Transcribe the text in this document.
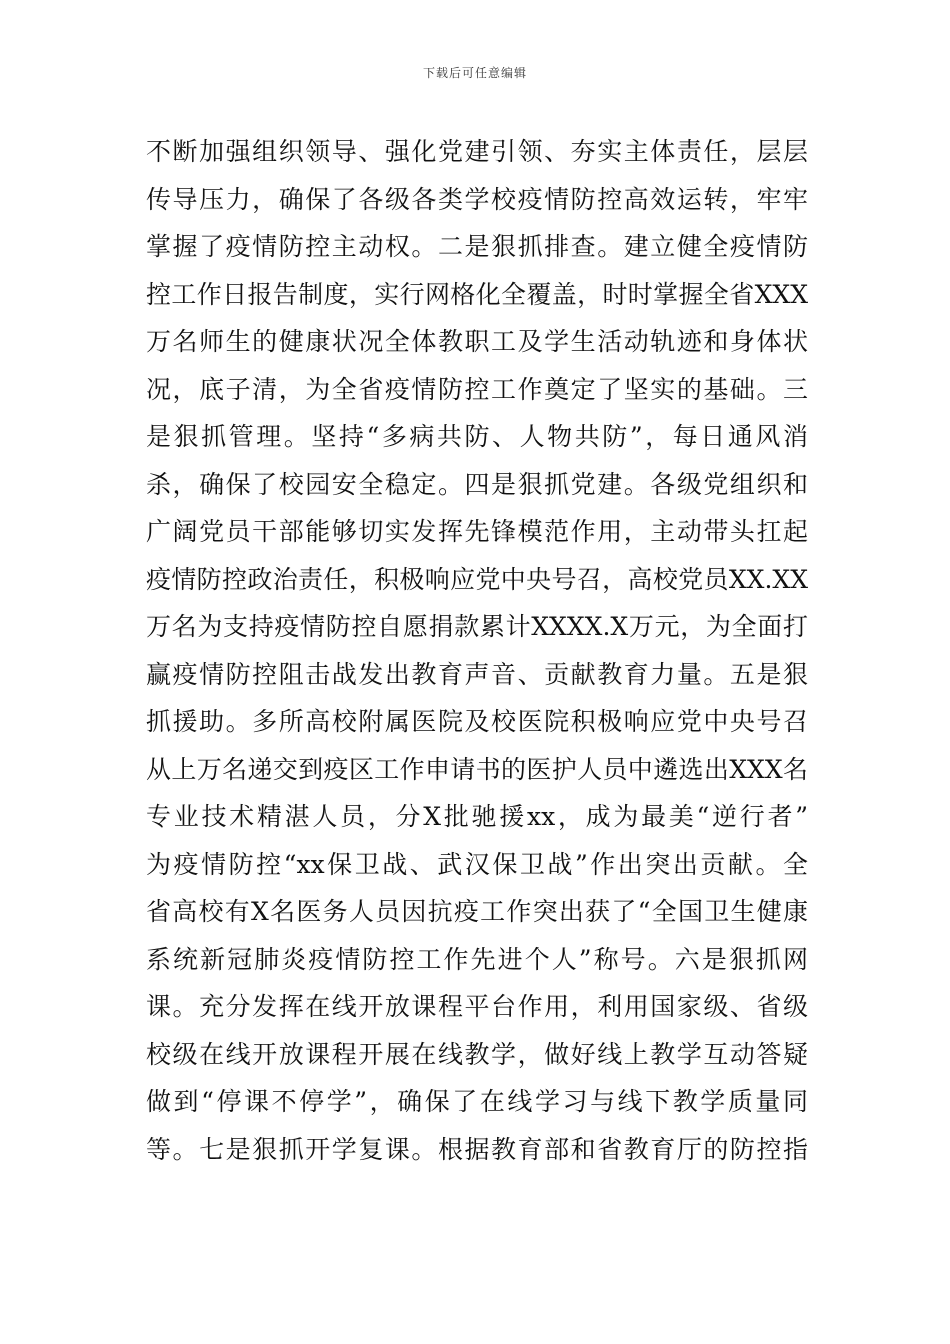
下载后可任意编辑
不断加强组织领导、强化党建引领、夯实主体责任，层层
传导压力，确保了各级各类学校疫情防控高效运转，牢牢
掌握了疫情防控主动权。二是狠抓排查。建立健全疫情防
控工作日报告制度，实行网格化全覆盖，时时掌握全省XXX
万名师生的健康状况全体教职工及学生活动轨迹和身体状
况，底子清，为全省疫情防控工作奠定了坚实的基础。三
是狠抓管理。坚持“多病共防、人物共防”，每日通风消
杀，确保了校园安全稳定。四是狠抓党建。各级党组织和
广阔党员干部能够切实发挥先锋模范作用，主动带头扛起
疫情防控政治责任，积极响应党中央号召，高校党员XX.XX
万名为支持疫情防控自愿捐款累计XXXX.X万元，为全面打
赢疫情防控阻击战发出教育声音、贡献教育力量。五是狠
抓援助。多所高校附属医院及校医院积极响应党中央号召
从上万名递交到疫区工作申请书的医护人员中遴选出XXX名
专业技术精湛人员，分X批驰援xx，成为最美“逆行者”
为疫情防控“xx保卫战、武汉保卫战”作出突出贡献。全
省高校有X名医务人员因抗疫工作突出获了“全国卫生健康
系统新冠肺炎疫情防控工作先进个人”称号。六是狠抓网
课。充分发挥在线开放课程平台作用，利用国家级、省级
校级在线开放课程开展在线教学，做好线上教学互动答疑
做到“停课不停学”，确保了在线学习与线下教学质量同
等。七是狠抓开学复课。根据教育部和省教育厅的防控指
